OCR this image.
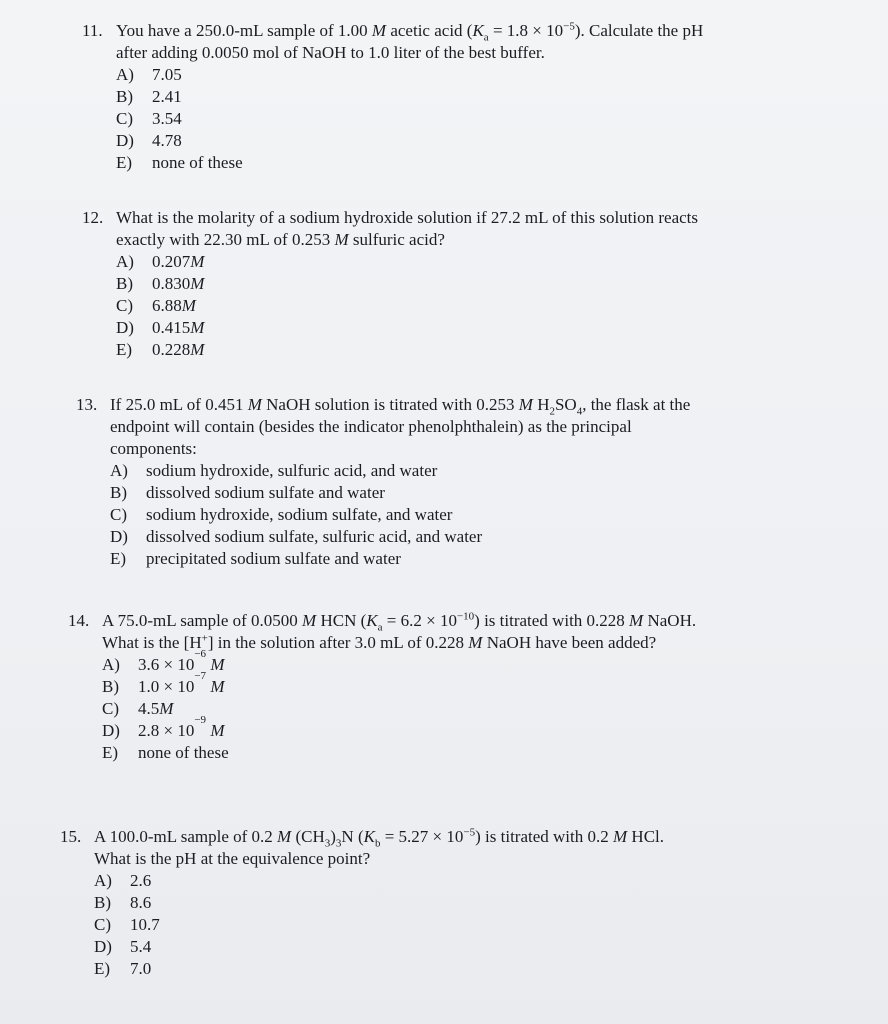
11. You have a 250.0-mL sample of 1.00 M acetic acid $(K_a = 1.8 \times 10^{-5})$. Calculate the pH
after adding 0.0050 mol of NaOH to 1.0 liter of the best buffer.
A)	7.05
B)	2.41
C)	3.54
D)	4.78
E)	none of these
12. What is the molarity of a sodium hydroxide solution if 27.2 mL of this solution reacts
exactly with 22.30 mL of 0.253 M sulfuric acid?
A)	0.207 M
B)	0.830 M
C)	6.88 M
D)	0.415 M
E)	0.228 M
13. If 25.0 mL of 0.451 M NaOH solution is titrated with 0.253 M $H_2SO_4$, the flask at the
endpoint will contain (besides the indicator phenolphthalein) as the principal
components:
A)	sodium hydroxide, sulfuric acid, and water
B)	dissolved sodium sulfate and water
C)	sodium hydroxide, sodium sulfate, and water
D)	dissolved sodium sulfate, sulfuric acid, and water
E)	precipitated sodium sulfate and water
14. A 75.0-mL sample of 0.0500 M HCN $(K_a = 6.2 \times 10^{-10})$ is titrated with 0.228 M NaOH.
What is the [H+] in the solution after 3.0 mL of 0.228 M NaOH have been added?
A)	3.6 × 10
−6

M
B)	1.0 × 10
−7

M
C)	4.5 M
D)	2.8 × 10
−9

M
E)	none of these
15. A 100.0-mL sample of 0.2 M $(CH_3)_3N$ $(K_b = 5.27 \times 10^{-5})$ is titrated with 0.2 M HCl.
What is the pH at the equivalence point?
A)	2.6
B)	8.6
C)	10.7
D)	5.4
E)	7.0
